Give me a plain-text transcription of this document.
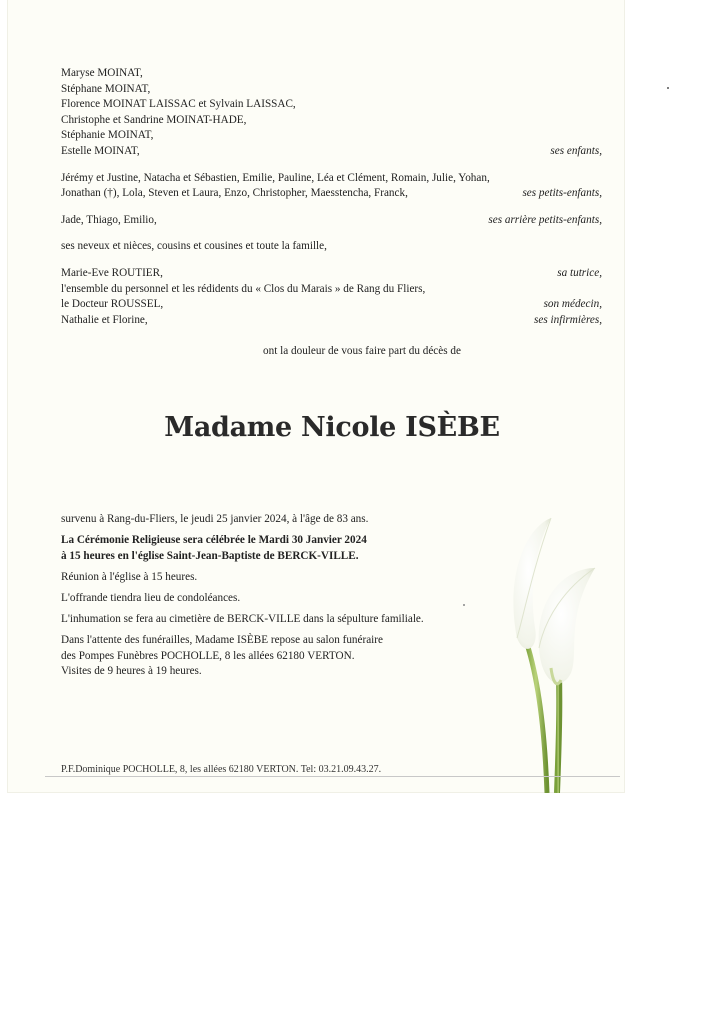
Maryse MOINAT,
Stéphane MOINAT,
Florence MOINAT LAISSAC et Sylvain LAISSAC,
Christophe et Sandrine MOINAT-HADE,
Stéphanie MOINAT,
Estelle MOINAT,	ses enfants,
Jérémy et Justine, Natacha et Sébastien, Emilie, Pauline, Léa et Clément, Romain, Julie, Yohan,
Jonathan (†), Lola, Steven et Laura, Enzo, Christopher, Maesstencha, Franck,	ses petits-enfants,
Jade, Thiago, Emilio,	ses arrière petits-enfants,
ses neveux et nièces, cousins et cousines et toute la famille,
Marie-Eve ROUTIER,	sa tutrice,
l'ensemble du personnel et les rédidents du « Clos du Marais » de Rang du Fliers,
le Docteur ROUSSEL,	son médecin,
Nathalie et Florine,	ses infirmières,
ont la douleur de vous faire part du décès de
Madame Nicole ISÈBE

survenu à Rang-du-Fliers, le jeudi 25 janvier 2024, à l'âge de 83 ans.

La Cérémonie Religieuse sera célébrée le Mardi 30 Janvier 2024
à 15 heures en l'église Saint-Jean-Baptiste de BERCK-VILLE.

Réunion à l'église à 15 heures.

L'offrande tiendra lieu de condoléances.

L'inhumation se fera au cimetière de BERCK-VILLE dans la sépulture familiale.

Dans l'attente des funérailles, Madame ISÈBE repose au salon funéraire
des Pompes Funèbres POCHOLLE, 8 les allées 62180 VERTON.
Visites de 9 heures à 19 heures.

P.F.Dominique POCHOLLE, 8, les allées 62180 VERTON. Tel: 03.21.09.43.27.
